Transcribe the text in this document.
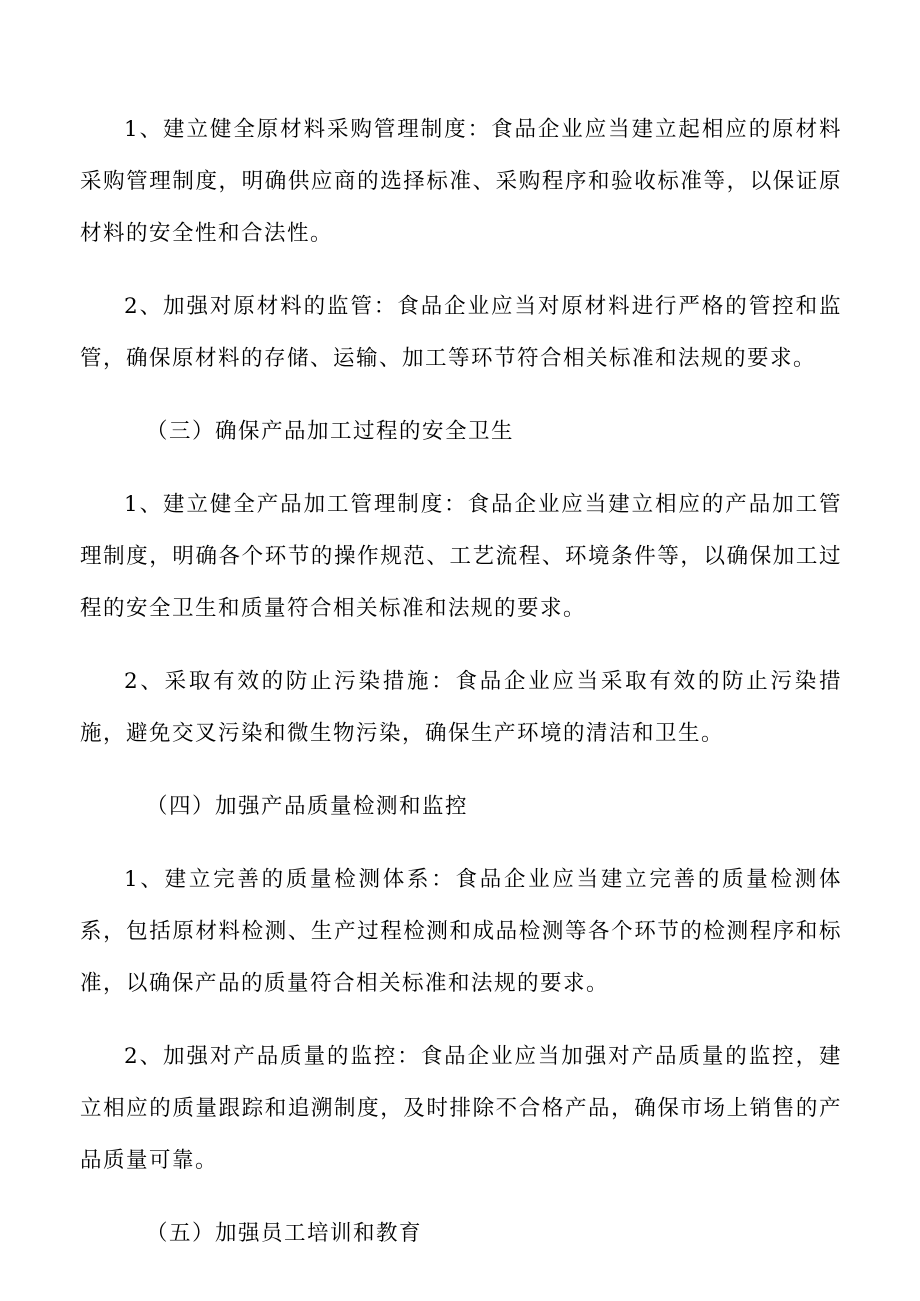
1、建立健全原材料采购管理制度：食品企业应当建立起相应的原材料采购管理制度，明确供应商的选择标准、采购程序和验收标准等，以保证原材料的安全性和合法性。

2、加强对原材料的监管：食品企业应当对原材料进行严格的管控和监管，确保原材料的存储、运输、加工等环节符合相关标准和法规的要求。

（三）确保产品加工过程的安全卫生

1、建立健全产品加工管理制度：食品企业应当建立相应的产品加工管理制度，明确各个环节的操作规范、工艺流程、环境条件等，以确保加工过程的安全卫生和质量符合相关标准和法规的要求。

2、采取有效的防止污染措施：食品企业应当采取有效的防止污染措施，避免交叉污染和微生物污染，确保生产环境的清洁和卫生。

（四）加强产品质量检测和监控

1、建立完善的质量检测体系：食品企业应当建立完善的质量检测体系，包括原材料检测、生产过程检测和成品检测等各个环节的检测程序和标准，以确保产品的质量符合相关标准和法规的要求。

2、加强对产品质量的监控：食品企业应当加强对产品质量的监控，建立相应的质量跟踪和追溯制度，及时排除不合格产品，确保市场上销售的产品质量可靠。

（五）加强员工培训和教育
